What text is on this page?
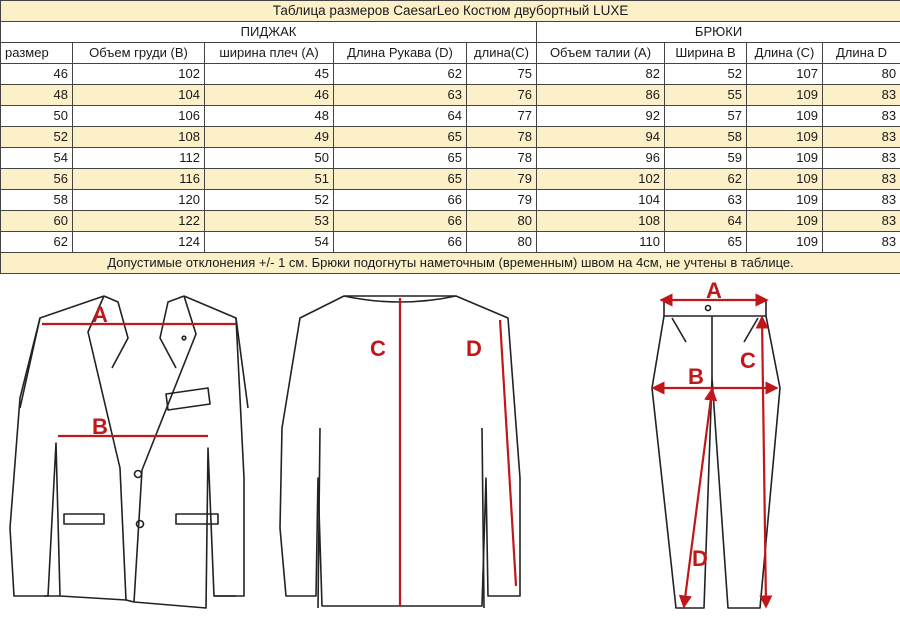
Таблица размеров CaesarLeo Костюм двубортный LUXE								
ПИДЖАК					БРЮКИ			
размер	Объем груди (B)	ширина плеч (A)	Длина Рукава (D)	длина(C)	Объем талии (A)	Ширина B	Длина (C)	Длина D
46	102	45	62	75	82	52	107	80
48	104	46	63	76	86	55	109	83
50	106	48	64	77	92	57	109	83
52	108	49	65	78	94	58	109	83
54	112	50	65	78	96	59	109	83
56	116	51	65	79	102	62	109	83
58	120	52	66	79	104	63	109	83
60	122	53	66	80	108	64	109	83
62	124	54	66	80	110	65	109	83
Допустимые отклонения +/- 1 см. Брюки подогнуты наметочным (временным) швом на 4см, не учтены в таблице.								
A
B
C	D
A
B
C
D
